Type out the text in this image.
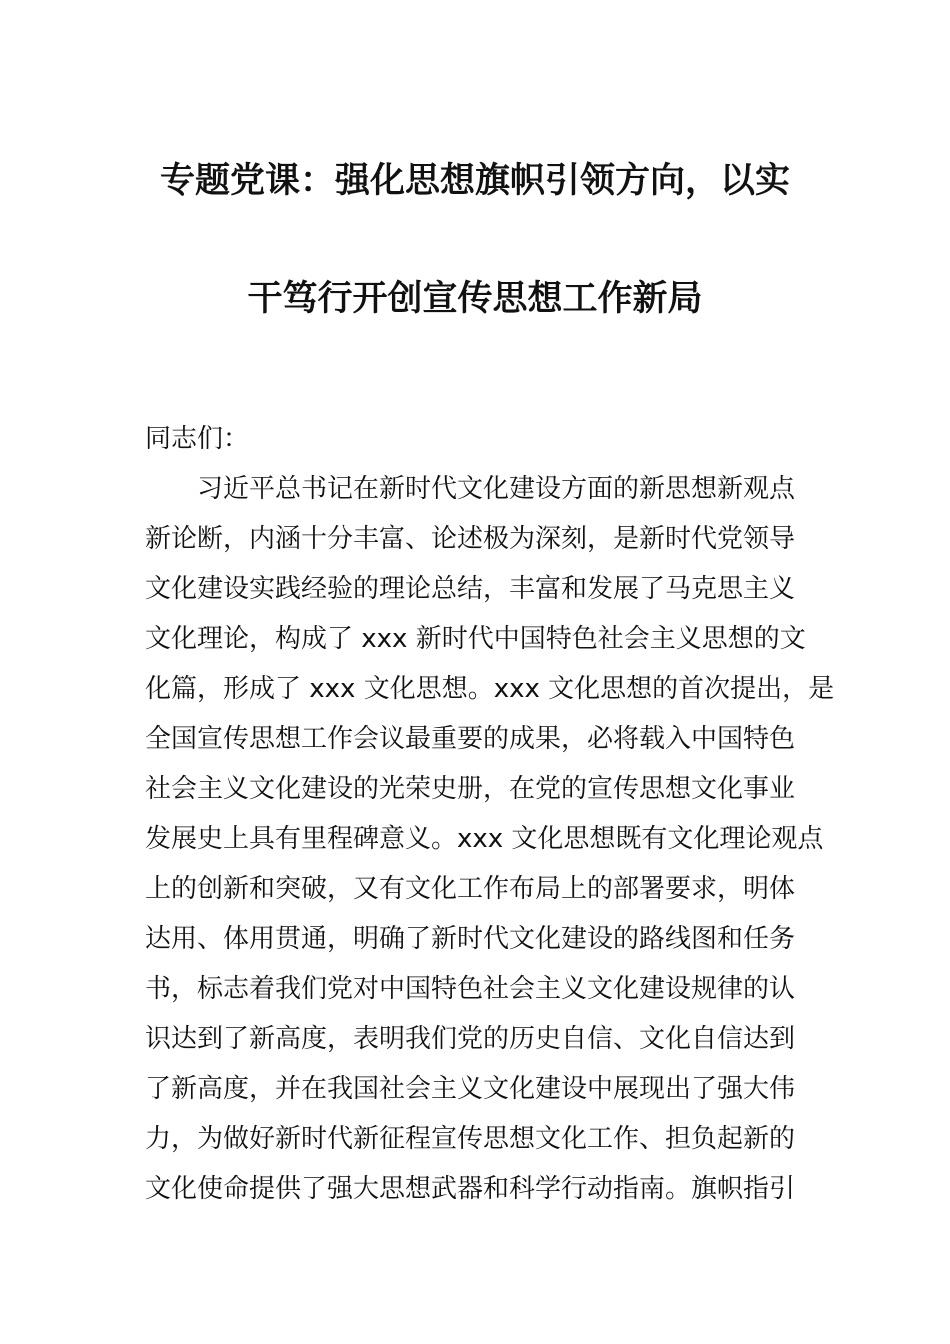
专题党课：强化思想旗帜引领方向，以实
干笃行开创宣传思想工作新局
同志们：
　　习近平总书记在新时代文化建设方面的新思想新观点
新论断，内涵十分丰富、论述极为深刻，是新时代党领导
文化建设实践经验的理论总结，丰富和发展了马克思主义
文化理论，构成了 xxx 新时代中国特色社会主义思想的文
化篇，形成了 xxx 文化思想。xxx 文化思想的首次提出，是
全国宣传思想工作会议最重要的成果，必将载入中国特色
社会主义文化建设的光荣史册，在党的宣传思想文化事业
发展史上具有里程碑意义。xxx 文化思想既有文化理论观点
上的创新和突破，又有文化工作布局上的部署要求，明体
达用、体用贯通，明确了新时代文化建设的路线图和任务
书，标志着我们党对中国特色社会主义文化建设规律的认
识达到了新高度，表明我们党的历史自信、文化自信达到
了新高度，并在我国社会主义文化建设中展现出了强大伟
力，为做好新时代新征程宣传思想文化工作、担负起新的
文化使命提供了强大思想武器和科学行动指南。旗帜指引
